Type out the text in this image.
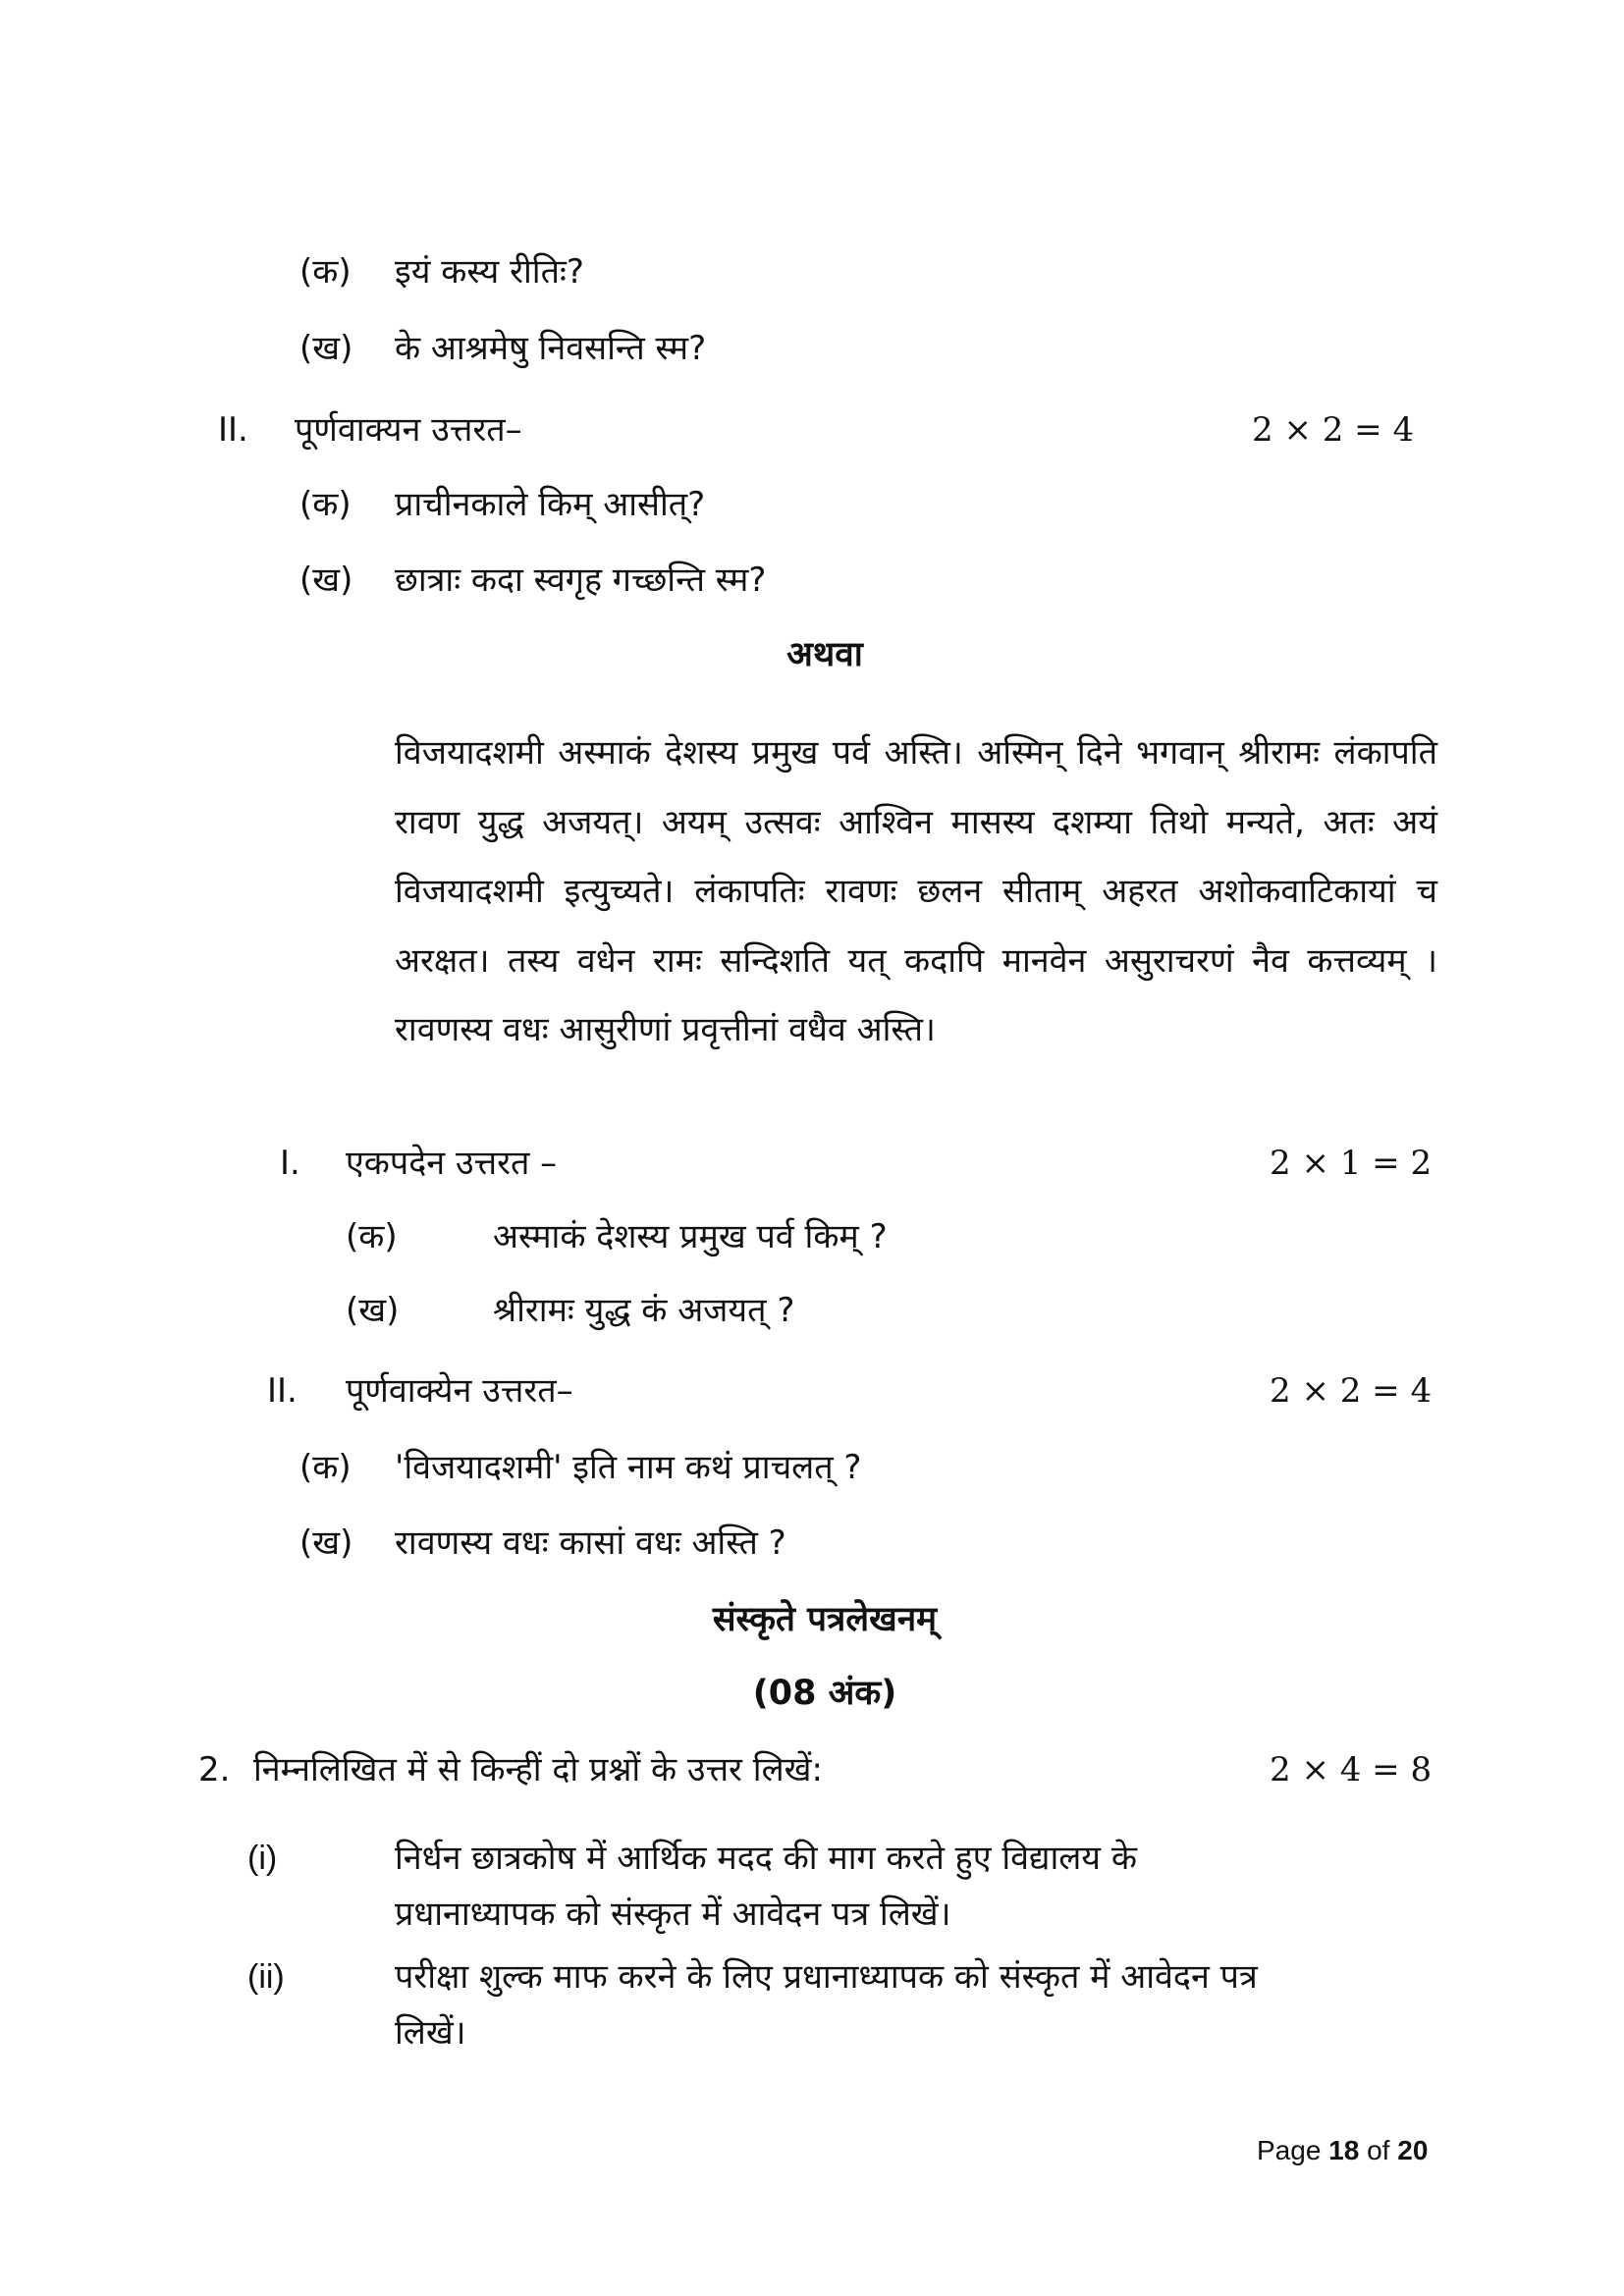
(क) इयं कस्य रीतिः?
(ख) के आश्रमेषु निवसन्ति स्म?
II. पूर्णवाक्यन उत्तरत–	2 × 2 = 4
(क) प्राचीनकाले किम् आसीत्?
(ख) छात्राः कदा स्वगृह गच्छन्ति स्म?
अथवा
विजयादशमी अस्माकं देशस्य प्रमुख पर्व अस्ति। अस्मिन् दिने भगवान् श्रीरामः लंकापति रावण युद्ध अजयत्। अयम् उत्सवः आश्विन मासस्य दशम्या तिथो मन्यते, अतः अयं विजयादशमी इत्युच्यते। लंकापतिः रावणः छलन सीताम् अहरत अशोकवाटिकायां च अरक्षत। तस्य वधेन रामः सन्दिशति यत् कदापि मानवेन असुराचरणं नैव कत्तव्यम् । रावणस्य वधः आसुरीणां प्रवृत्तीनां वधैव अस्ति।
I. एकपदेन उत्तरत –	2 × 1 = 2
(क)	अस्माकं देशस्य प्रमुख पर्व किम् ?
(ख)	श्रीरामः युद्ध कं अजयत् ?
II. पूर्णवाक्येन उत्तरत–	2 × 2 = 4
(क) 'विजयादशमी' इति नाम कथं प्राचलत् ?
(ख) रावणस्य वधः कासां वधः अस्ति ?
संस्कृते पत्रलेखनम्
(08 अंक)
2. निम्नलिखित में से किन्हीं दो प्रश्नों के उत्तर लिखें:	2 × 4 = 8
(i)	निर्धन छात्रकोष में आर्थिक मदद की माग करते हुए विद्यालय के
प्रधानाध्यापक को संस्कृत में आवेदन पत्र लिखें।
(ii)	परीक्षा शुल्क माफ करने के लिए प्रधानाध्यापक को संस्कृत में आवेदन पत्र
लिखें।
Page 18 of 20
